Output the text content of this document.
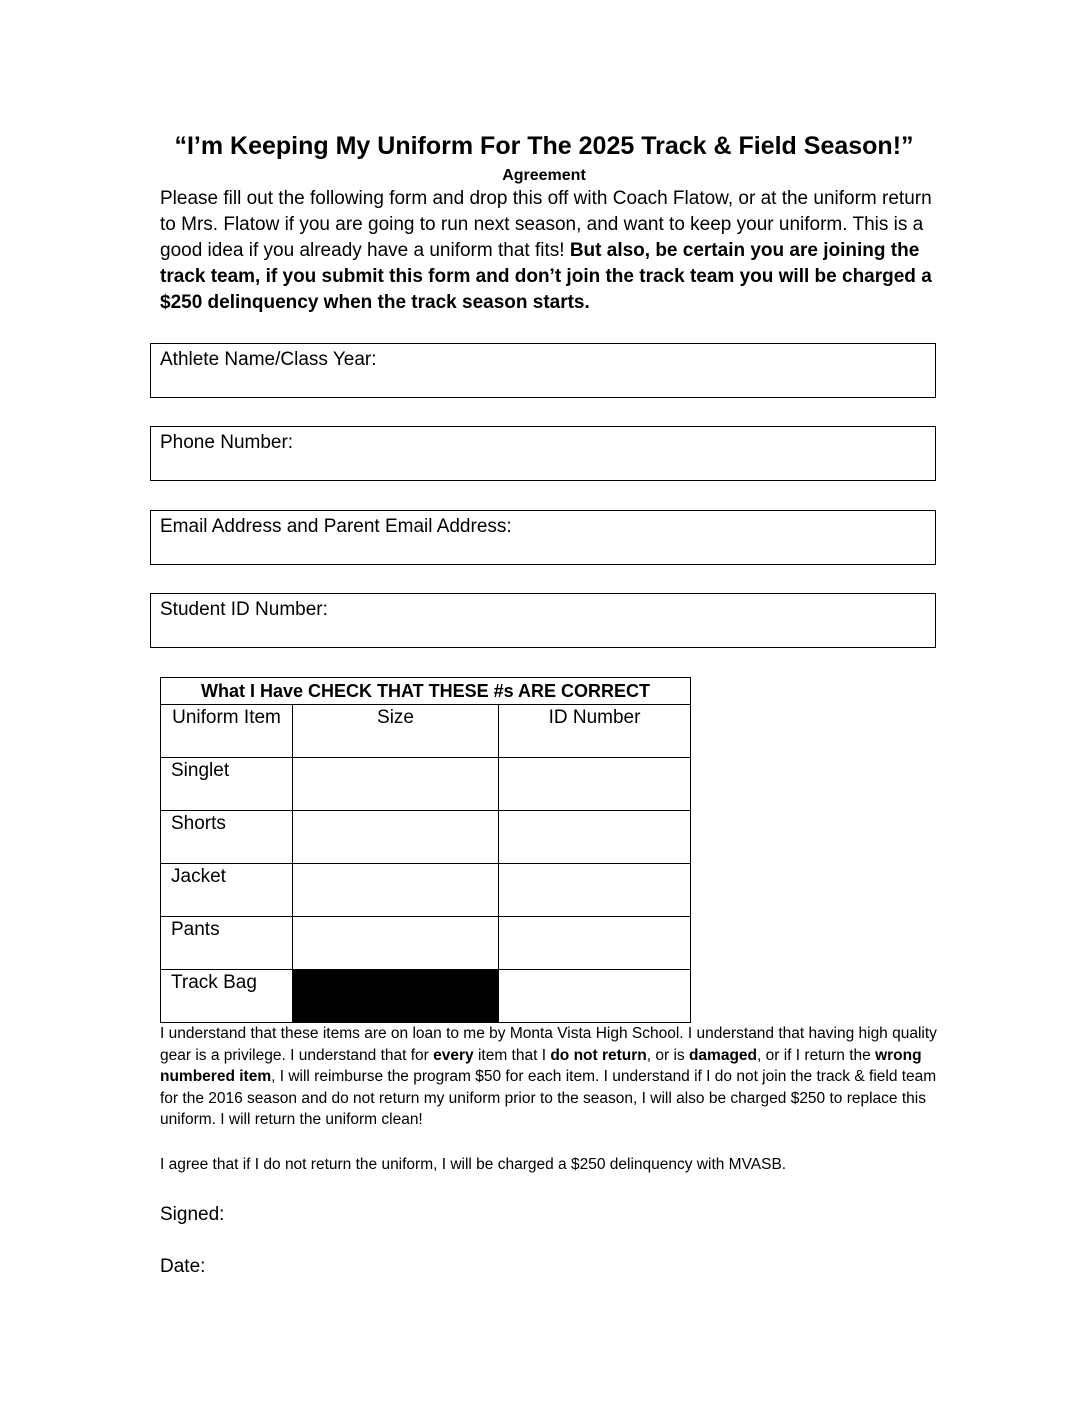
“I’m Keeping My Uniform For The 2025 Track & Field Season!”
Agreement
Please fill out the following form and drop this off with Coach Flatow, or at the uniform return to Mrs. Flatow if you are going to run next season, and want to keep your uniform. This is a good idea if you already have a uniform that fits! But also, be certain you are joining the track team, if you submit this form and don’t join the track team you will be charged a $250 delinquency when the track season starts.
Athlete Name/Class Year:
Phone Number:
Email Address and Parent Email Address:
Student ID Number:
What I Have CHECK THAT THESE #s ARE CORRECT		
Uniform Item	Size	ID Number
Singlet		
Shorts		
Jacket		
Pants		
Track Bag		
I understand that these items are on loan to me by Monta Vista High School. I understand that having high quality gear is a privilege. I understand that for every item that I do not return, or is damaged, or if I return the wrong numbered item, I will reimburse the program $50 for each item. I understand if I do not join the track & field team for the 2016 season and do not return my uniform prior to the season, I will also be charged $250 to replace this uniform. I will return the uniform clean!
I agree that if I do not return the uniform, I will be charged a $250 delinquency with MVASB.
Signed:
Date:
